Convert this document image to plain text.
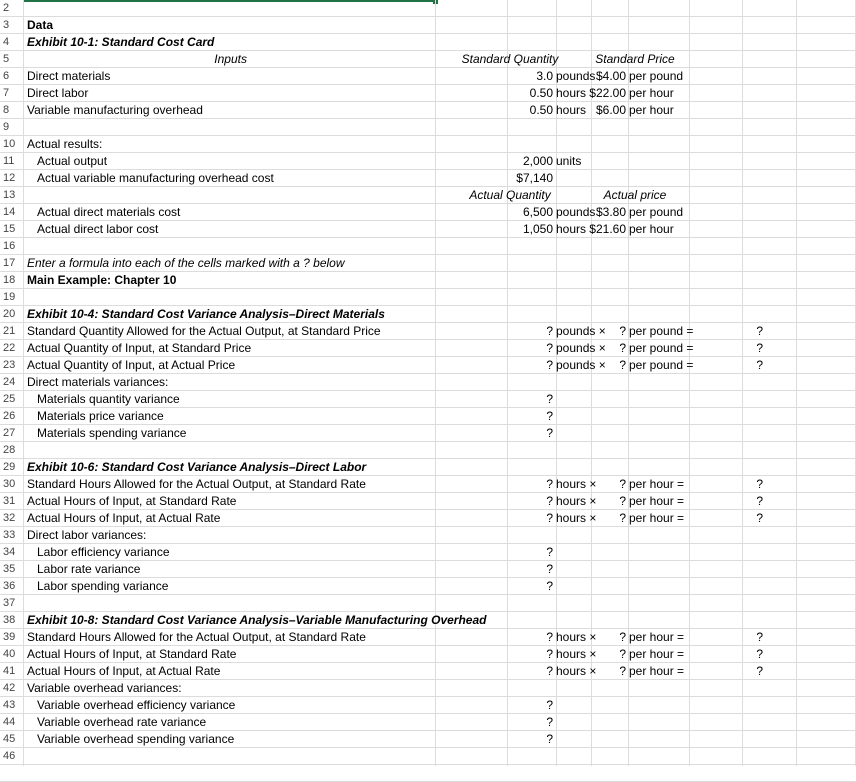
2
3	Data
4	Exhibit 10-1: Standard Cost Card
5	Inputs	Standard Quantity	Standard Price
6	Direct materials	3.0 pounds $4.00 per pound
7	Direct labor	0.50 hours $22.00 per hour
8	Variable manufacturing overhead	0.50 hours $6.00 per hour
9
10 Actual results:
11	Actual output	2,000 units
12	Actual variable manufacturing overhead cost	$7,140
13	Actual Quantity	Actual price
14	Actual direct materials cost	6,500 pounds $3.80 per pound
15	Actual direct labor cost	1,050 hours $21.60 per hour
16
17 Enter a formula into each of the cells marked with a ? below
18 Main Example: Chapter 10
19
20 Exhibit 10-4: Standard Cost Variance Analysis–Direct Materials
21 Standard Quantity Allowed for the Actual Output, at Standard Price	? pounds ×	? per pound =	?
22 Actual Quantity of Input, at Standard Price	? pounds ×	? per pound =	?
23 Actual Quantity of Input, at Actual Price	? pounds ×	? per pound =	?
24 Direct materials variances:
25	Materials quantity variance	?
26	Materials price variance	?
27	Materials spending variance	?
28
29 Exhibit 10-6: Standard Cost Variance Analysis–Direct Labor
30 Standard Hours Allowed for the Actual Output, at Standard Rate	? hours ×	? per hour =	?
31 Actual Hours of Input, at Standard Rate	? hours ×	? per hour =	?
32 Actual Hours of Input, at Actual Rate	? hours ×	? per hour =	?
33 Direct labor variances:
34	Labor efficiency variance	?
35	Labor rate variance	?
36	Labor spending variance	?
37
38 Exhibit 10-8: Standard Cost Variance Analysis–Variable Manufacturing Overhead
39 Standard Hours Allowed for the Actual Output, at Standard Rate	? hours ×	? per hour =	?
40 Actual Hours of Input, at Standard Rate	? hours ×	? per hour =	?
41 Actual Hours of Input, at Actual Rate	? hours ×	? per hour =	?
42 Variable overhead variances:
43	Variable overhead efficiency variance	?
44	Variable overhead rate variance	?
45	Variable overhead spending variance	?
46
